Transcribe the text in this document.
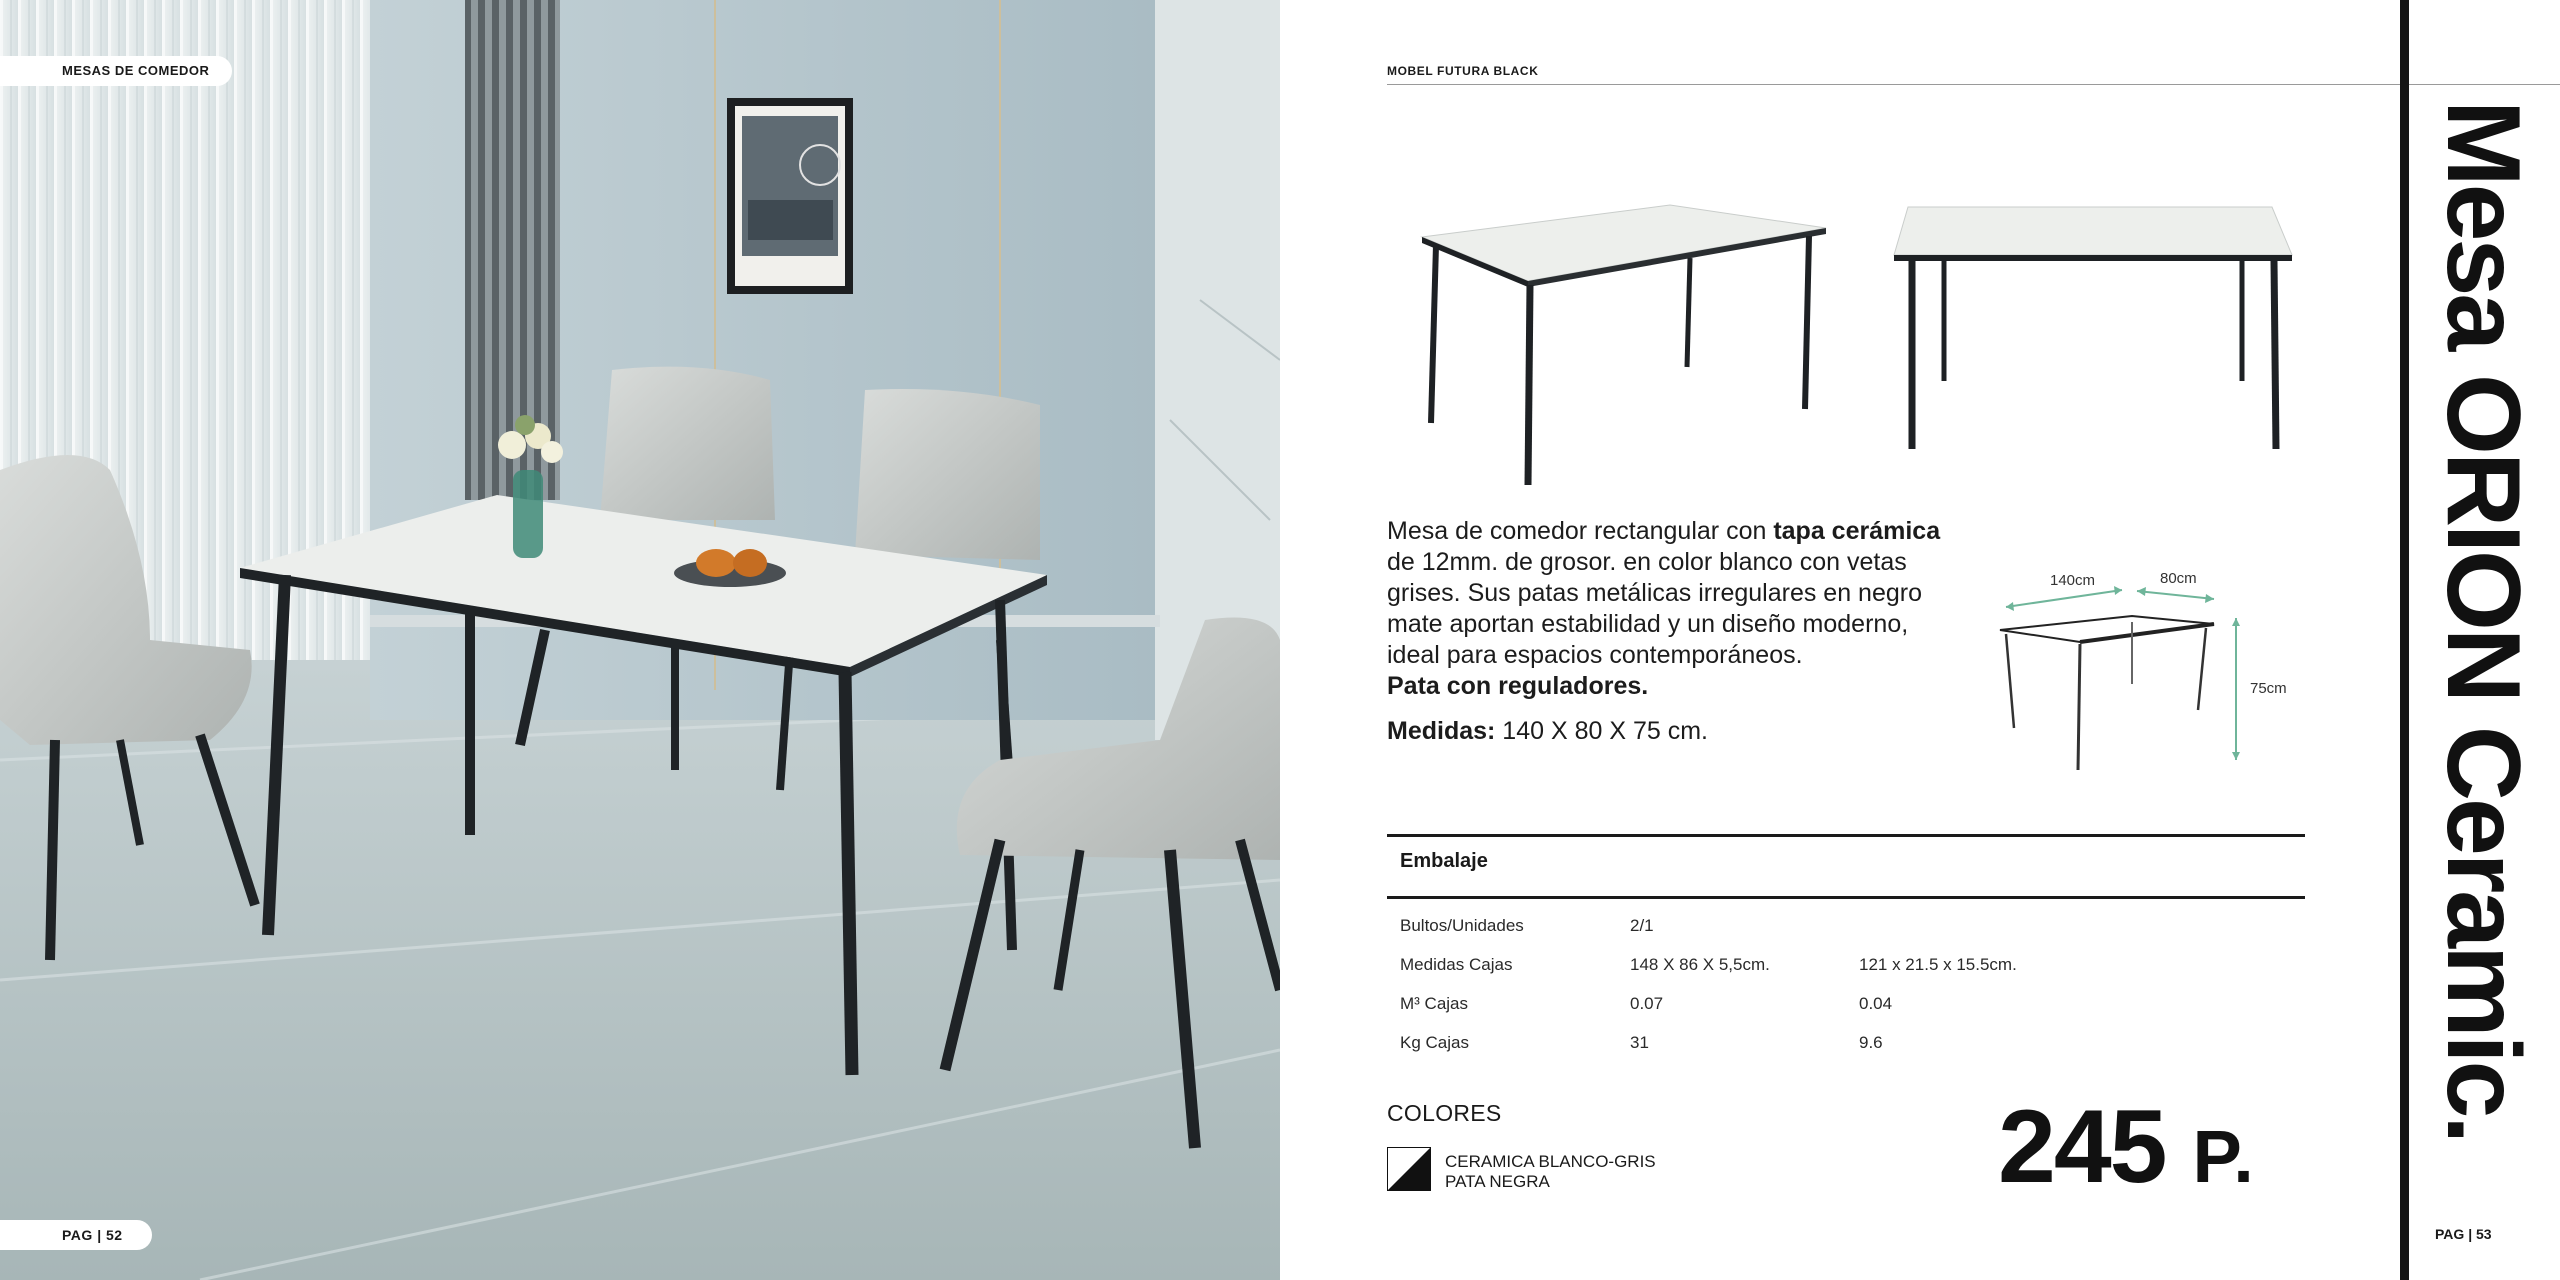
MESAS DE COMEDOR
PAG | 52
MOBEL FUTURA BLACK

Mesa de comedor rectangular con tapa cerámica de 12mm. de grosor. en color blanco con vetas grises. Sus patas metálicas irregulares en negro mate aportan estabilidad y un diseño moderno, ideal para espacios contemporáneos.
Pata con reguladores.

Medidas: 140 X 80 X 75 cm.

140cm	80cm
75cm
Embalaje
Bultos/Unidades	2/1	
Medidas Cajas	148 X 86 X 5,5cm.	121 x 21.5 x 15.5cm.
M³ Cajas	0.07	0.04
Kg Cajas	31	9.6
COLORES
CERAMICA BLANCO-GRIS
PATA NEGRA	245 P.
Mesa ORION Ceramic.
PAG | 53
